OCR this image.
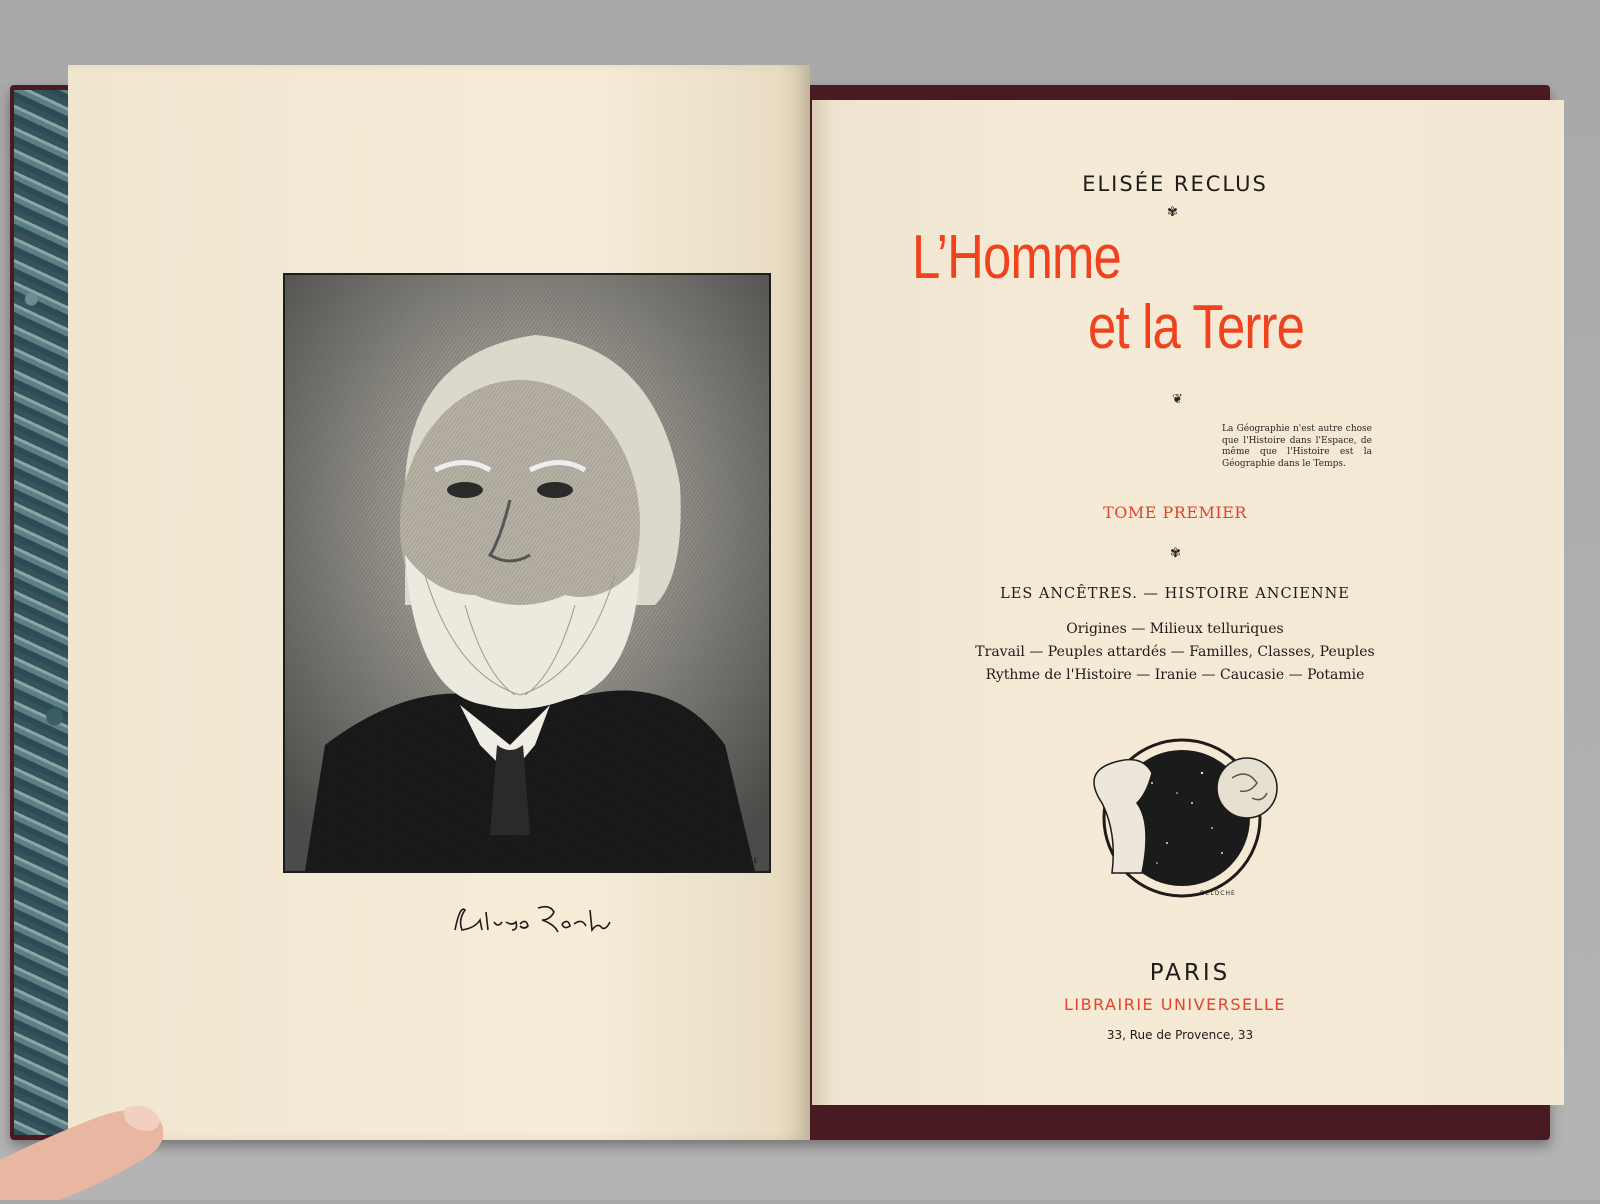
DELOCHE
ELISÉE RECLUS
✾
L’Homme
et la Terre
❦
La Géographie n'est autre chose que l'Histoire dans l'Espace, de même que l'Histoire est la Géographie dans le Temps.
TOME PREMIER
✾
LES ANCÊTRES. — HISTOIRE ANCIENNE
Origines — Milieux telluriques
Travail — Peuples attardés — Familles, Classes, Peuples
Rythme de l'Histoire — Iranie — Caucasie — Potamie
DELOCHE
PARIS
LIBRAIRIE UNIVERSELLE
33, Rue de Provence, 33
